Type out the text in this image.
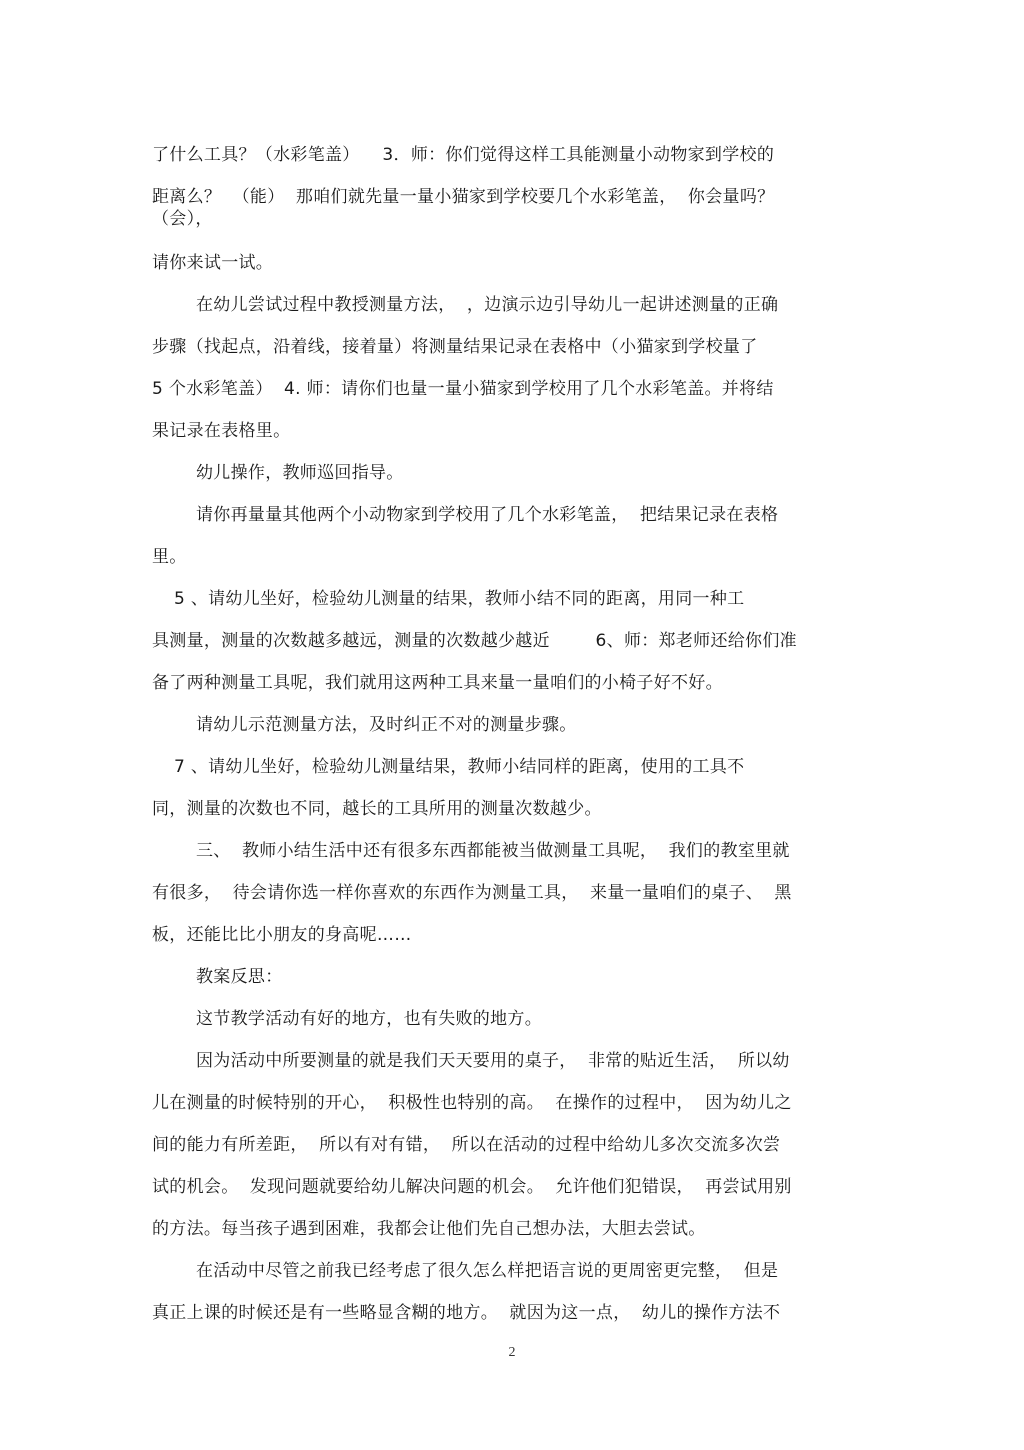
了什么工具？（水彩笔盖）    3．师：你们觉得这样工具能测量小动物家到学校的
距离么？  （能）  那咱们就先量一量小猫家到学校要几个水彩笔盖，  你会量吗？
（会），
请你来试一试。
在幼儿尝试过程中教授测量方法，  ，边演示边引导幼儿一起讲述测量的正确
步骤（找起点，沿着线，接着量）将测量结果记录在表格中（小猫家到学校量了
5 个水彩笔盖）  4. 师：请你们也量一量小猫家到学校用了几个水彩笔盖。并将结
果记录在表格里。
幼儿操作，教师巡回指导。
请你再量量其他两个小动物家到学校用了几个水彩笔盖，  把结果记录在表格
里。
5 、请幼儿坐好，检验幼儿测量的结果，教师小结不同的距离，用同一种工
具测量，测量的次数越多越远，测量的次数越少越近        6、师：郑老师还给你们准
备了两种测量工具呢，我们就用这两种工具来量一量咱们的小椅子好不好。
请幼儿示范测量方法，及时纠正不对的测量步骤。
7 、请幼儿坐好，检验幼儿测量结果，教师小结同样的距离，使用的工具不
同，测量的次数也不同，越长的工具所用的测量次数越少。
三、  教师小结生活中还有很多东西都能被当做测量工具呢，  我们的教室里就
有很多，  待会请你选一样你喜欢的东西作为测量工具，  来量一量咱们的桌子、  黑
板，还能比比小朋友的身高呢……
教案反思：
这节教学活动有好的地方，也有失败的地方。
因为活动中所要测量的就是我们天天要用的桌子，  非常的贴近生活，  所以幼
儿在测量的时候特别的开心，  积极性也特别的高。  在操作的过程中，  因为幼儿之
间的能力有所差距，  所以有对有错，  所以在活动的过程中给幼儿多次交流多次尝
试的机会。  发现问题就要给幼儿解决问题的机会。  允许他们犯错误，  再尝试用别
的方法。每当孩子遇到困难，我都会让他们先自己想办法，大胆去尝试。
在活动中尽管之前我已经考虑了很久怎么样把语言说的更周密更完整，  但是
真正上课的时候还是有一些略显含糊的地方。  就因为这一点，  幼儿的操作方法不
2
